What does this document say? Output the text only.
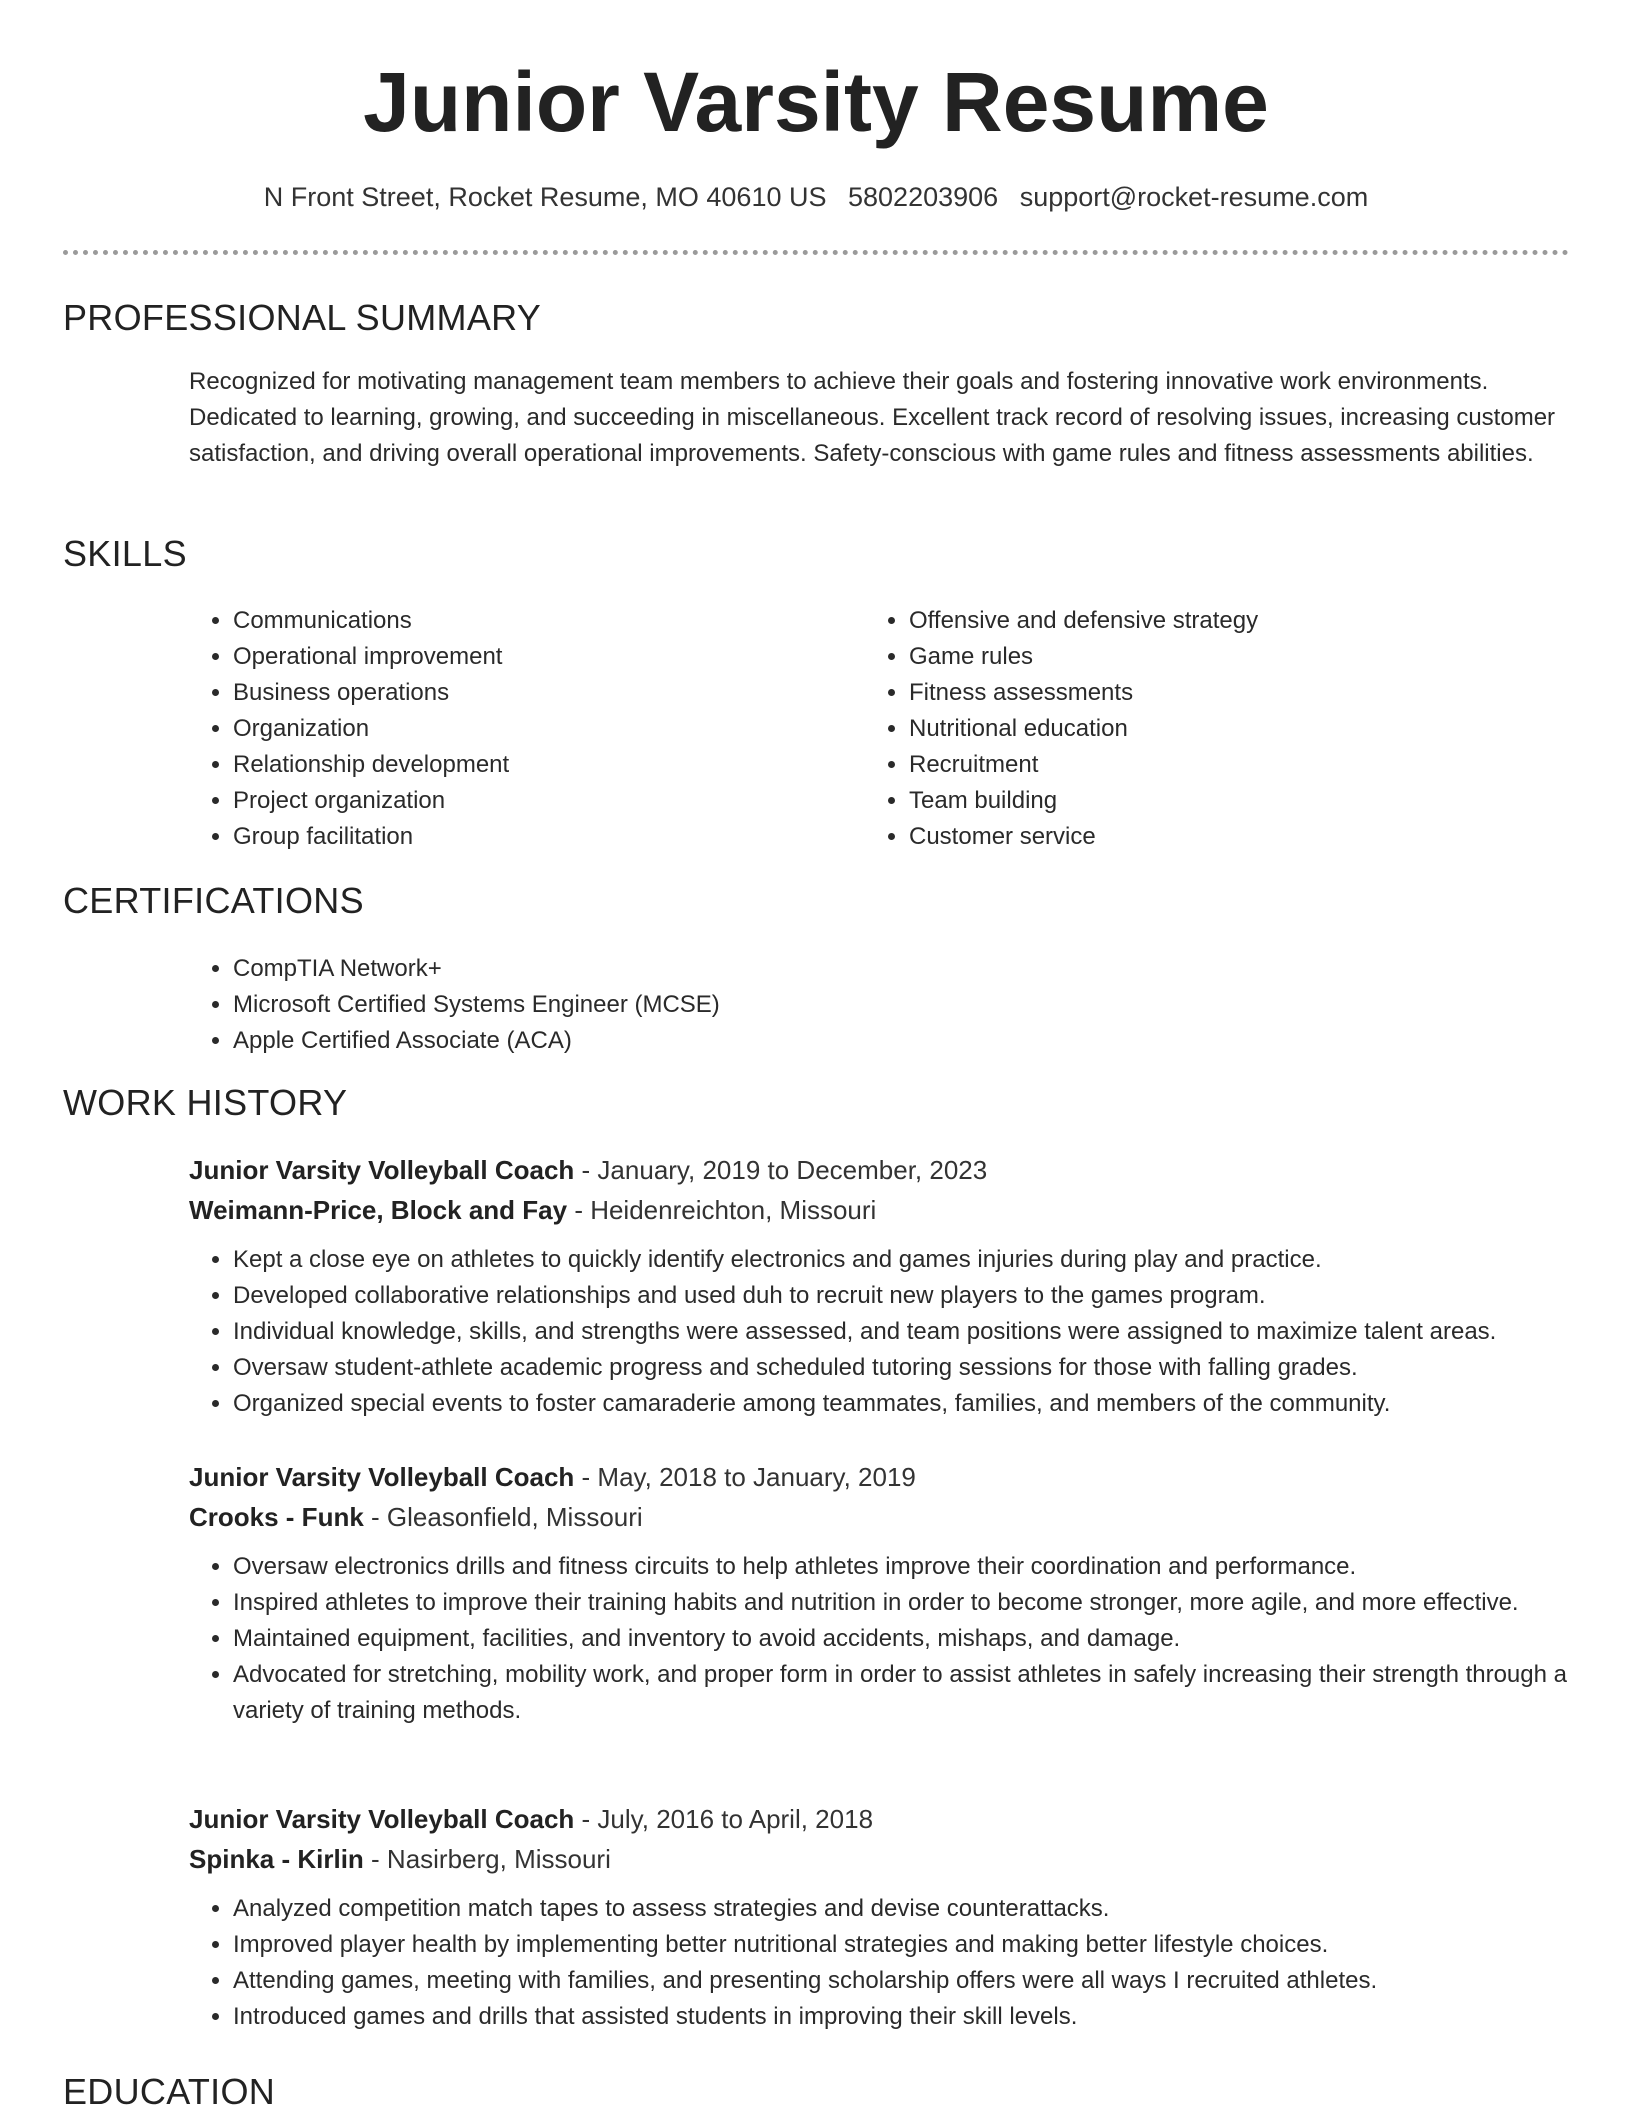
Junior Varsity Resume
N Front Street, Rocket Resume, MO 40610 US 5802203906 support@rocket-resume.com
PROFESSIONAL SUMMARY

Recognized for motivating management team members to achieve their goals and fostering innovative work environments. Dedicated to learning, growing, and succeeding in miscellaneous. Excellent track record of resolving issues, increasing customer satisfaction, and driving overall operational improvements. Safety-conscious with game rules and fitness assessments abilities.

SKILLS
• Communications
• Operational improvement
• Business operations
• Organization
• Relationship development
• Project organization
• Group facilitation
• Offensive and defensive strategy
• Game rules
• Fitness assessments
• Nutritional education
• Recruitment
• Team building
• Customer service
CERTIFICATIONS
• CompTIA Network+
• Microsoft Certified Systems Engineer (MCSE)
• Apple Certified Associate (ACA)
WORK HISTORY
Junior Varsity Volleyball Coach - January, 2019 to December, 2023
Weimann-Price, Block and Fay - Heidenreichton, Missouri
• Kept a close eye on athletes to quickly identify electronics and games injuries during play and practice.
• Developed collaborative relationships and used duh to recruit new players to the games program.
• Individual knowledge, skills, and strengths were assessed, and team positions were assigned to maximize talent areas.
• Oversaw student-athlete academic progress and scheduled tutoring sessions for those with falling grades.
• Organized special events to foster camaraderie among teammates, families, and members of the community.
Junior Varsity Volleyball Coach - May, 2018 to January, 2019
Crooks - Funk - Gleasonfield, Missouri
• Oversaw electronics drills and fitness circuits to help athletes improve their coordination and performance.
• Inspired athletes to improve their training habits and nutrition in order to become stronger, more agile, and more effective.
• Maintained equipment, facilities, and inventory to avoid accidents, mishaps, and damage.
• Advocated for stretching, mobility work, and proper form in order to assist athletes in safely increasing their strength through a variety of training methods.
Junior Varsity Volleyball Coach - July, 2016 to April, 2018
Spinka - Kirlin - Nasirberg, Missouri
• Analyzed competition match tapes to assess strategies and devise counterattacks.
• Improved player health by implementing better nutritional strategies and making better lifestyle choices.
• Attending games, meeting with families, and presenting scholarship offers were all ways I recruited athletes.
• Introduced games and drills that assisted students in improving their skill levels.
EDUCATION
